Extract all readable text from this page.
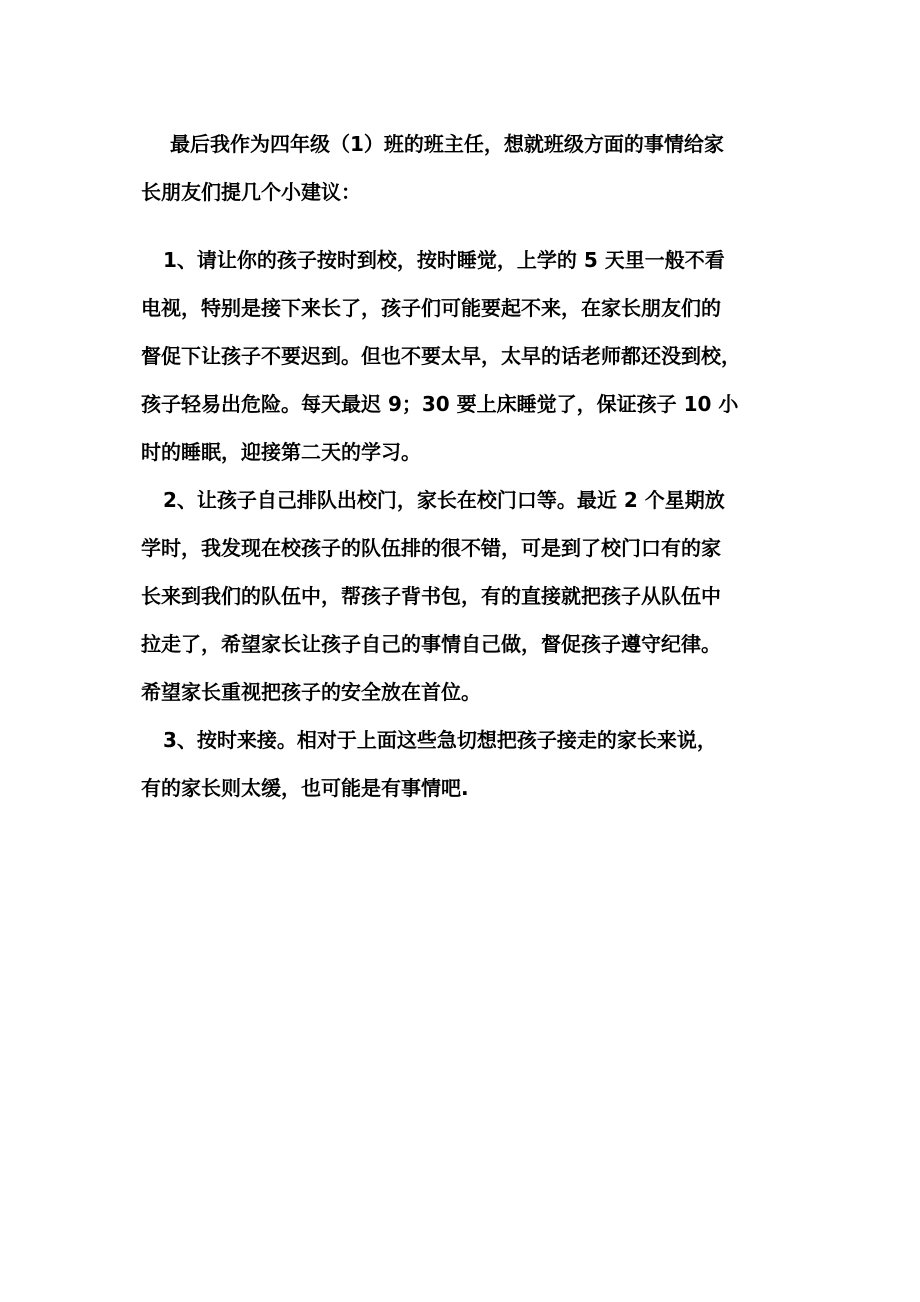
最后我作为四年级（1）班的班主任，想就班级方面的事情给家
长朋友们提几个小建议：
1、请让你的孩子按时到校，按时睡觉，上学的 5 天里一般不看
电视，特别是接下来长了，孩子们可能要起不来，在家长朋友们的
督促下让孩子不要迟到。但也不要太早，太早的话老师都还没到校，
孩子轻易出危险。每天最迟 9；30 要上床睡觉了，保证孩子 10 小
时的睡眠，迎接第二天的学习。
2、让孩子自己排队出校门，家长在校门口等。最近 2 个星期放
学时，我发现在校孩子的队伍排的很不错，可是到了校门口有的家
长来到我们的队伍中，帮孩子背书包，有的直接就把孩子从队伍中
拉走了，希望家长让孩子自己的事情自己做，督促孩子遵守纪律。
希望家长重视把孩子的安全放在首位。
3、按时来接。相对于上面这些急切想把孩子接走的家长来说，
有的家长则太缓，也可能是有事情吧.
